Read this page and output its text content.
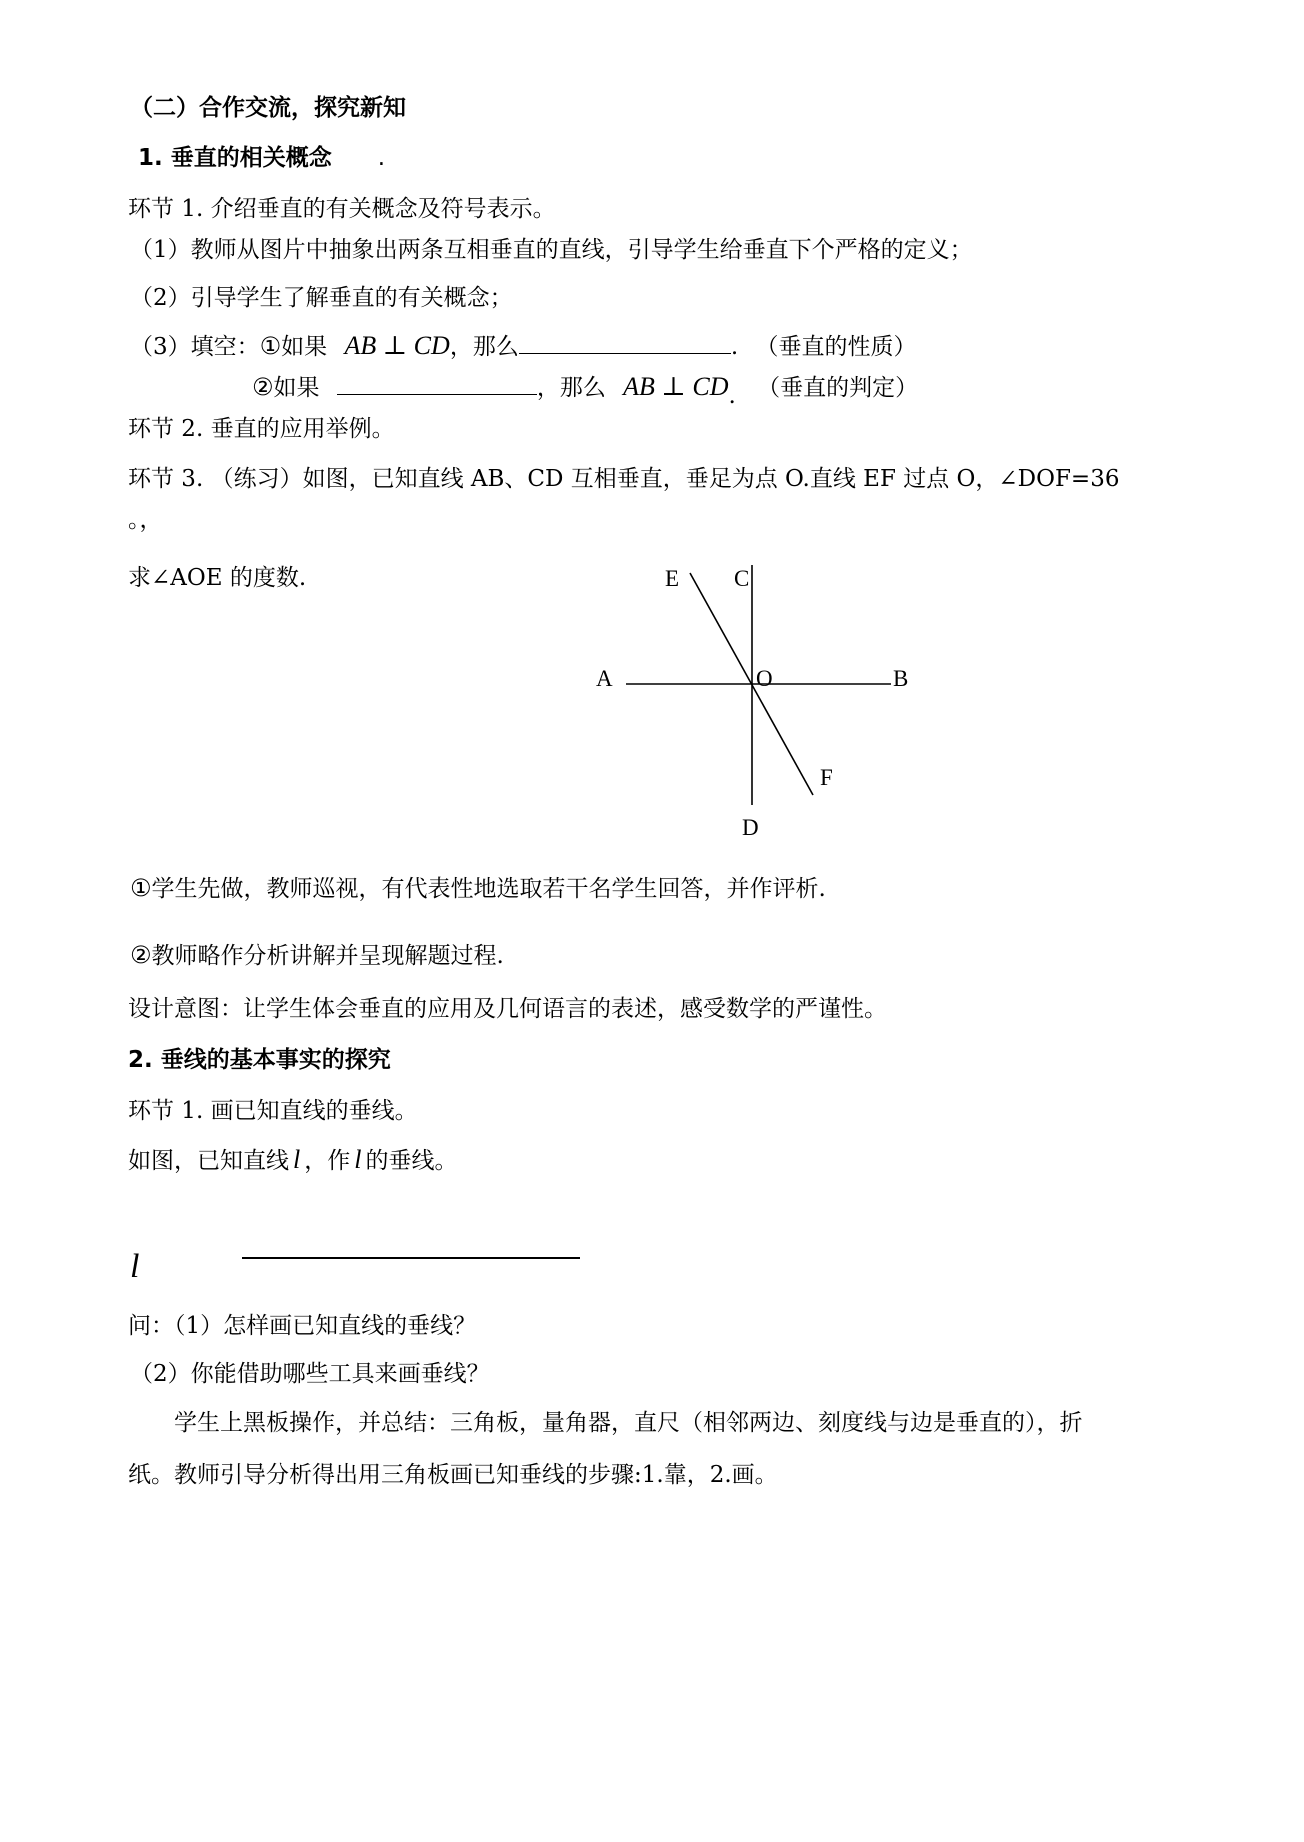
（二）合作交流，探究新知

1. 垂直的相关概念 .

环节 1. 介绍垂直的有关概念及符号表示。

（1）教师从图片中抽象出两条互相垂直的直线，引导学生给垂直下个严格的定义；

（2）引导学生了解垂直的有关概念；

（3）填空：①如果 AB ⊥ CD，那么	. （垂直的性质）

②如果	，那么 AB ⊥ CD. （垂直的判定）

环节 2. 垂直的应用举例。

环节 3. （练习）如图，已知直线 AB、CD 互相垂直，垂足为点 O.直线 EF 过点 O，∠DOF=36

。，

求∠AOE 的度数.	E C
A	O	B
F
D

①学生先做，教师巡视，有代表性地选取若干名学生回答，并作评析.

②教师略作分析讲解并呈现解题过程.

设计意图：让学生体会垂直的应用及几何语言的表述，感受数学的严谨性。

2. 垂线的基本事实的探究

环节 1. 画已知直线的垂线。

如图，已知直线 l ，作 l 的垂线。

l

问：（1）怎样画已知直线的垂线？

（2）你能借助哪些工具来画垂线？

学生上黑板操作，并总结：三角板，量角器，直尺（相邻两边、刻度线与边是垂直的），折

纸。教师引导分析得出用三角板画已知垂线的步骤:1.靠，2.画。
